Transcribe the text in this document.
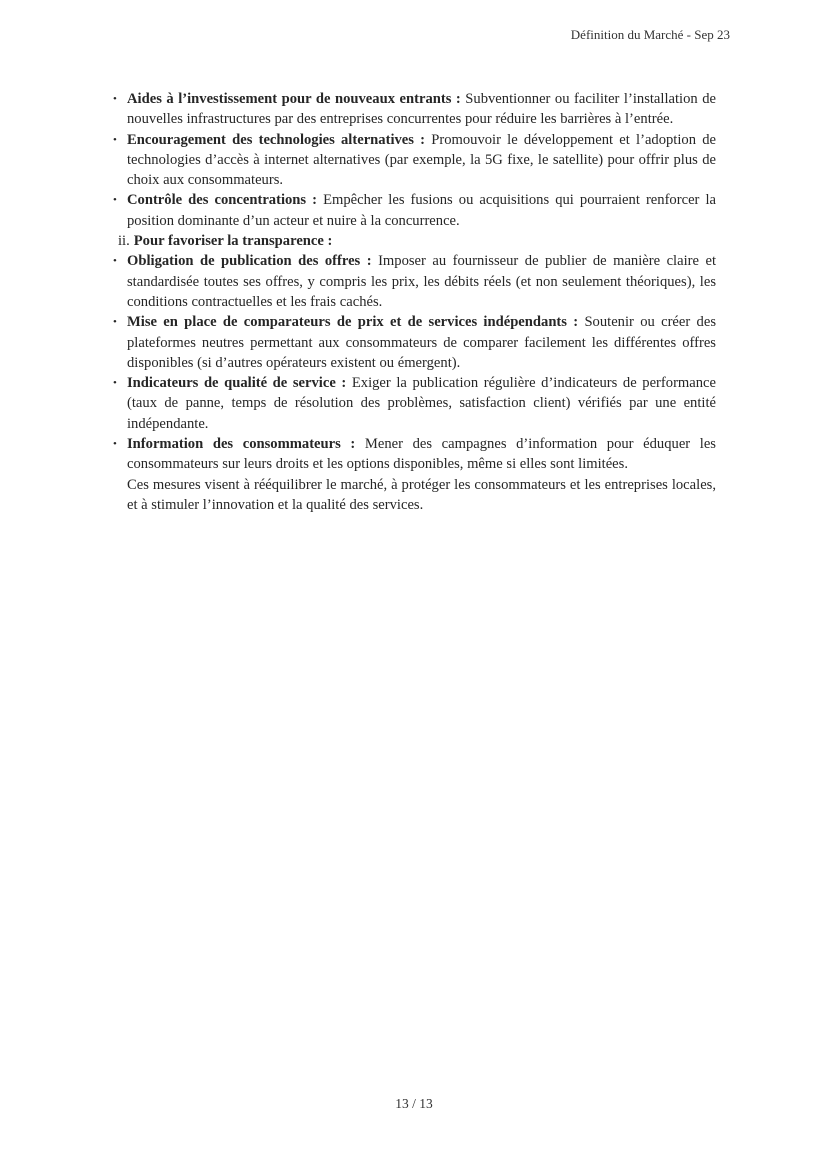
Définition du Marché - Sep 23
• Aides à l’investissement pour de nouveaux entrants : Subventionner ou faciliter l’installation de nouvelles infrastructures par des entreprises concurrentes pour réduire les barrières à l’entrée.
• Encouragement des technologies alternatives : Promouvoir le développement et l’adoption de technologies d’accès à internet alternatives (par exemple, la 5G fixe, le satellite) pour offrir plus de choix aux consommateurs.
• Contrôle des concentrations : Empêcher les fusions ou acquisitions qui pourraient renforcer la position dominante d’un acteur et nuire à la concurrence.
ii. Pour favoriser la transparence :
• Obligation de publication des offres : Imposer au fournisseur de publier de manière claire et standardisée toutes ses offres, y compris les prix, les débits réels (et non seulement théoriques), les conditions contractuelles et les frais cachés.
• Mise en place de comparateurs de prix et de services indépendants : Soutenir ou créer des plateformes neutres permettant aux consommateurs de comparer facilement les différentes offres disponibles (si d’autres opérateurs existent ou émergent).
• Indicateurs de qualité de service : Exiger la publication régulière d’indicateurs de performance (taux de panne, temps de résolution des problèmes, satisfaction client) vérifiés par une entité indépendante.
• Information des consommateurs : Mener des campagnes d’information pour éduquer les consommateurs sur leurs droits et les options disponibles, même si elles sont limitées.
Ces mesures visent à rééquilibrer le marché, à protéger les consommateurs et les entreprises locales, et à stimuler l’innovation et la qualité des services.
13 / 13
